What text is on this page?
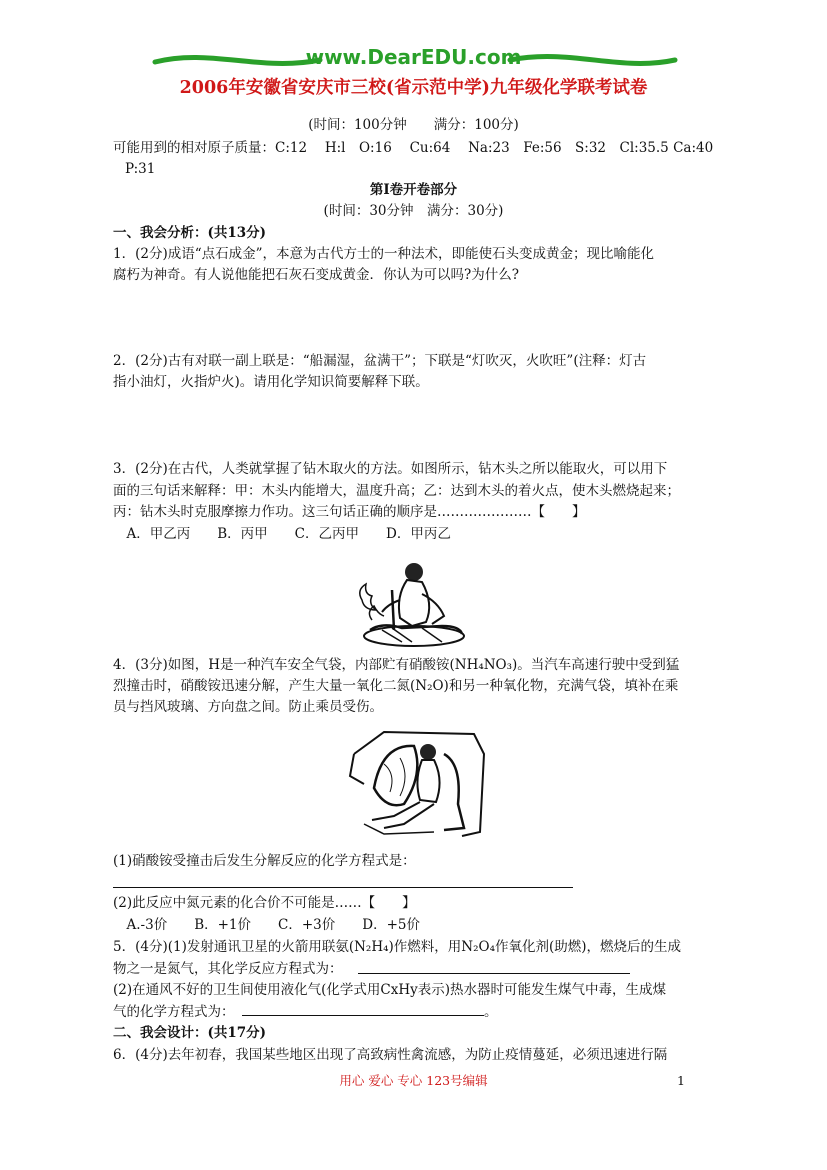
www.DearEDU.com
2006年安徽省安庆市三校(省示范中学)九年级化学联考试卷
(时间：100分钟　　满分：100分)
可能用到的相对原子质量：C:12　 H:l　O:16　 Cu:64　 Na:23　Fe:56　S:32　Cl:35.5 Ca:40
P:31
第Ⅰ卷开卷部分
(时间：30分钟　满分：30分)
一、我会分析：(共13分)
1．(2分)成语“点石成金”，本意为古代方士的一种法术，即能使石头变成黄金；现比喻能化
腐朽为神奇。有人说他能把石灰石变成黄金．你认为可以吗?为什么?
2．(2分)古有对联一副上联是：“船漏湿，盆满干”；下联是“灯吹灭，火吹旺”(注释：灯古
指小油灯，火指炉火)。请用化学知识简要解释下联。
3．(2分)在古代，人类就掌握了钻木取火的方法。如图所示，钻木头之所以能取火，可以用下
面的三句话来解释：甲：木头内能增大，温度升高；乙：达到木头的着火点，使木头燃烧起来；
丙：钻木头时克服摩擦力作功。这三句话正确的顺序是…………………【　　】
　A．甲乙丙　　B．丙甲　　C．乙丙甲　　D．甲丙乙
4．(3分)如图，H是一种汽车安全气袋，内部贮有硝酸铵(NH₄NO₃)。当汽车高速行驶中受到猛
烈撞击时，硝酸铵迅速分解，产生大量一氧化二氮(N₂O)和另一种氧化物，充满气袋，填补在乘
员与挡风玻璃、方向盘之间。防止乘员受伤。
(1)硝酸铵受撞击后发生分解反应的化学方程式是：
(2)此反应中氮元素的化合价不可能是……【　　】
　A.-3价　　B．+1价　　C．+3价　　D．+5价
5．(4分)(1)发射通讯卫星的火箭用联氨(N₂H₄)作燃料，用N₂O₄作氧化剂(助燃)，燃烧后的生成
物之一是氮气，其化学反应方程式为：
(2)在通风不好的卫生间使用液化气(化学式用CxHy表示)热水器时可能发生煤气中毒，生成煤
气的化学方程式为：	。
二、我会设计：(共17分)
6．(4分)去年初春，我国某些地区出现了高致病性禽流感，为防止疫情蔓延，必须迅速进行隔
用心 爱心 专心 123号编辑	1
